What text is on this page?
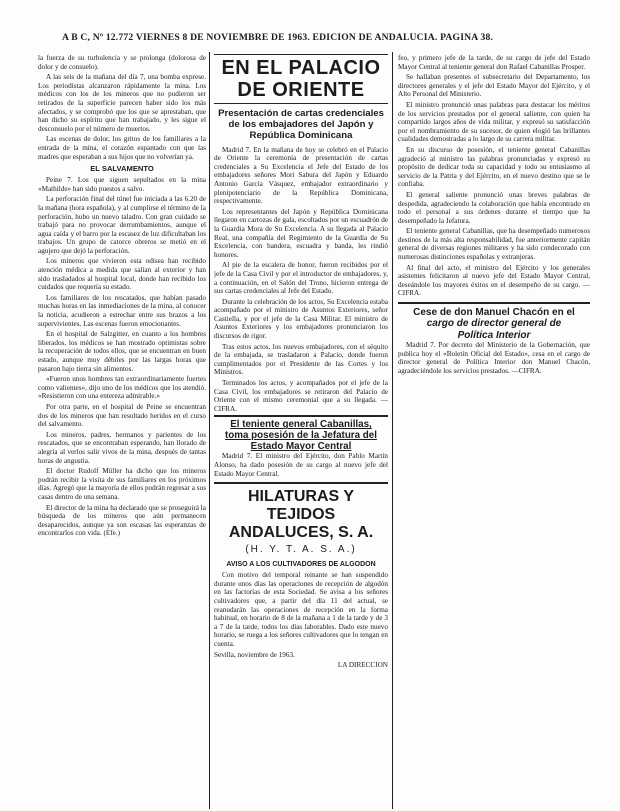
A B C, Nº 12.772 VIERNES 8 DE NOVIEMBRE DE 1963. EDICION DE ANDALUCIA. PAGINA 38.

la fuerza de su turbulencia y se prolonga (dolorosa de dolor y de consuelo).

A las seis de la mañana del día 7, una bomba exprese. Los periodistas alcanzaron rápidamente la mina. Los médicos con los de los mineros que no pudieron ser retirados de la superficie parecen haber sido los más afectados, y se comprobó que los que se aprestaban, que han dicho su espíritu que han trabajado, y les sigue el desconsuelo por el número de muertos.

Las escenas de dolor, los gritos de los familiares a la entrada de la mina, el corazón espantado con que las madres que esperaban a sus hijos que no volverían ya.

EL SALVAMENTO

Peine 7. Los que siguen sepultados en la mina «Mathilde» han sido puestos a salvo.

La perforación final del túnel fue iniciada a las 6.20 de la mañana (hora española), y al cumplirse el término de la perforación, hubo un nuevo taladro. Con gran cuidado se trabajó para no provocar derrumbamientos, aunque el agua caída y el barro por la escasez de luz dificultaban los trabajos. Un grupo de catorce obreros se metió en el agujero que dejó la perforación.

Los mineros que vivieron esta odisea han recibido atención médica a medida que salían al exterior y han sido trasladados al hospital local, donde han recibido los cuidados que requería su estado.

Los familiares de los rescatados, que habían pasado muchas horas en las inmediaciones de la mina, al conocer la noticia, acudieron a estrechar entre sus brazos a los supervivientes. Las escenas fueron emocionantes.

En el hospital de Salzgitter, en cuanto a los hombres liberados, los médicos se han mostrado optimistas sobre la recuperación de todos ellos, que se encuentran en buen estado, aunque muy débiles por las largas horas que pasaron bajo tierra sin alimentos.

«Fueron unos hombres tan extraordinariamente fuertes como valientes», dijo uno de los médicos que los atendió. «Resistieron con una entereza admirable.»

Por otra parte, en el hospital de Peine se encuentran dos de los mineros que han resultado heridos en el curso del salvamento.

Los mineros, padres, hermanos y parientes de los rescatados, que se encontraban esperando, han llorado de alegría al verlos salir vivos de la mina, después de tantas horas de angustia.

El doctor Rudolf Müller ha dicho que los mineros podrán recibir la visita de sus familiares en los próximos días. Agregó que la mayoría de ellos podrán regresar a sus casas dentro de una semana.

El director de la mina ha declarado que se proseguirá la búsqueda de los mineros que aún permanecen desaparecidos, aunque ya son escasas las esperanzas de encontrarlos con vida. (Efe.)

EN EL PALACIO DE ORIENTE
Presentación de cartas credenciales de los embajadores del Japón y República Dominicana

Madrid 7. En la mañana de hoy se celebró en el Palacio de Oriente la ceremonia de presentación de cartas credenciales a Su Excelencia el Jefe del Estado de los embajadores señores Mori Sabura del Japón y Eduardo Antonio García Vásquez, embajador extraordinario y plenipotenciario de la República Dominicana, respectivamente.

Los representantes del Japón y República Dominicana llegaron en carrozas de gala, escoltados por un escuadrón de la Guardia Mora de Su Excelencia. A su llegada al Palacio Real, una compañía del Regimiento de la Guardia de Su Excelencia, con bandera, escuadra y banda, les rindió honores.

Al pie de la escalera de honor, fueron recibidos por el jefe de la Casa Civil y por el introductor de embajadores, y, a continuación, en el Salón del Trono, hicieron entrega de sus cartas credenciales al Jefe del Estado.

Durante la celebración de los actos, Su Excelencia estaba acompañado por el ministro de Asuntos Exteriores, señor Castiella, y por el jefe de la Casa Militar. El ministro de Asuntos Exteriores y los embajadores pronunciaron los discursos de rigor.

Tras estos actos, los nuevos embajadores, con el séquito de la embajada, se trasladaron a Palacio, donde fueron cumplimentados por el Presidente de las Cortes y los Ministros.

Terminados los actos, y acompañados por el jefe de la Casa Civil, los embajadores se retiraron del Palacio de Oriente con el mismo ceremonial que a su llegada. —CIFRA.

El teniente general Cabanillas,
toma posesión de la Jefatura del Estado Mayor Central

Madrid 7. El ministro del Ejército, don Pablo Martín Alonso, ha dado posesión de su cargo al nuevo jefe del Estado Mayor Central.

HILATURAS Y TEJIDOS
ANDALUCES, S. A.
(H. Y. T. A. S. A.)
AVISO A LOS CULTIVADORES DE ALGODON

Con motivo del temporal reinante se han suspendido durante unos días las operaciones de recepción de algodón en las factorías de esta Sociedad. Se avisa a los señores cultivadores que, a partir del día 11 del actual, se reanudarán las operaciones de recepción en la forma habitual, en horario de 8 de la mañana a 1 de la tarde y de 3 a 7 de la tarde, todos los días laborables. Dado este nuevo horario, se ruega a los señores cultivadores que lo tengan en cuenta.

Sevilla, noviembre de 1963.

LA DIRECCION

feo, y primero jefe de la tarde, de su cargo de jefe del Estado Mayor Central al teniente general don Rafael Cabanillas Prosper.

Se hallaban presentes el subsecretario del Departamento, los directores generales y el jefe del Estado Mayor del Ejército, y el Alto Personal del Ministerio.

El ministro pronunció unas palabras para destacar los méritos de los servicios prestados por el general saliente, con quien ha compartido largos años de vida militar, y expresó su satisfacción por el nombramiento de su sucesor, de quien elogió las brillantes cualidades demostradas a lo largo de su carrera militar.

En su discurso de posesión, el teniente general Cabanillas agradeció al ministro las palabras pronunciadas y expresó su propósito de dedicar toda su capacidad y todo su entusiasmo al servicio de la Patria y del Ejército, en el nuevo destino que se le confiaba.

El general saliente pronunció unas breves palabras de despedida, agradeciendo la colaboración que había encontrado en todo el personal a sus órdenes durante el tiempo que ha desempeñado la Jefatura.

El teniente general Cabanillas, que ha desempeñado numerosos destinos de la más alta responsabilidad, fue anteriormente capitán general de diversas regiones militares y ha sido condecorado con numerosas distinciones españolas y extranjeras.

Al final del acto, el ministro del Ejército y los generales asistentes felicitaron al nuevo jefe del Estado Mayor Central, deseándole los mayores éxitos en el desempeño de su cargo. —CIFRA.

Cese de don Manuel Chacón en el
cargo de director general de
Política Interior

Madrid 7. Por decreto del Ministerio de la Gobernación, que publica hoy el «Boletín Oficial del Estado», cesa en el cargo de director general de Política Interior don Manuel Chacón, agradeciéndole los servicios prestados. —CIFRA.
